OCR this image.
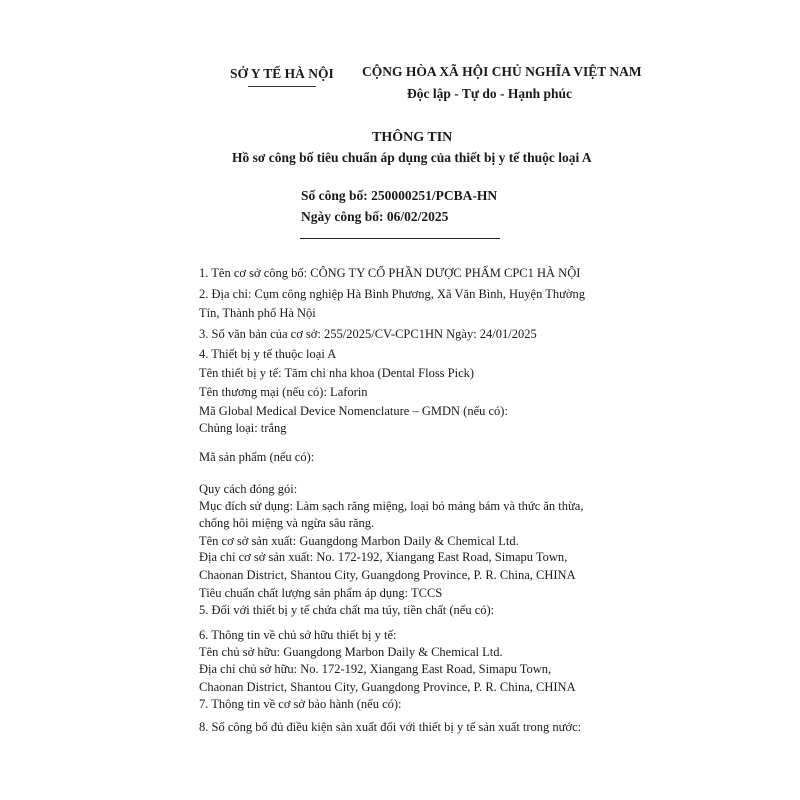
SỞ Y TẾ HÀ NỘI CỘNG HÒA XÃ HỘI CHỦ NGHĨA VIỆT NAM
Độc lập - Tự do - Hạnh phúc
THÔNG TIN
Hồ sơ công bố tiêu chuẩn áp dụng của thiết bị y tế thuộc loại A
Số công bố: 250000251/PCBA-HN
Ngày công bố: 06/02/2025
1. Tên cơ sở công bố: CÔNG TY CỔ PHẦN DƯỢC PHẨM CPC1 HÀ NỘI
2. Địa chỉ: Cụm công nghiệp Hà Bình Phương, Xã Văn Bình, Huyện Thường
Tín, Thành phố Hà Nội
3. Số văn bản của cơ sở: 255/2025/CV-CPC1HN Ngày: 24/01/2025
4. Thiết bị y tế thuộc loại A
Tên thiết bị y tế: Tăm chỉ nha khoa (Dental Floss Pick)
Tên thương mại (nếu có): Laforin
Mã Global Medical Device Nomenclature – GMDN (nếu có):
Chủng loại: trắng
Mã sản phẩm (nếu có):
Quy cách đóng gói:
Mục đích sử dụng: Làm sạch răng miệng, loại bỏ mảng bám và thức ăn thừa,
chống hôi miệng và ngừa sâu răng.
Tên cơ sở sản xuất: Guangdong Marbon Daily & Chemical Ltd.
Địa chỉ cơ sở sản xuất: No. 172-192, Xiangang East Road, Simapu Town,
Chaonan District, Shantou City, Guangdong Province, P. R. China, CHINA
Tiêu chuẩn chất lượng sản phẩm áp dụng: TCCS
5. Đối với thiết bị y tế chứa chất ma túy, tiền chất (nếu có):
6. Thông tin về chủ sở hữu thiết bị y tế:
Tên chủ sở hữu: Guangdong Marbon Daily & Chemical Ltd.
Địa chỉ chủ sở hữu: No. 172-192, Xiangang East Road, Simapu Town,
Chaonan District, Shantou City, Guangdong Province, P. R. China, CHINA
7. Thông tin về cơ sở bảo hành (nếu có):
8. Số công bố đủ điều kiện sản xuất đối với thiết bị y tế sản xuất trong nước:
